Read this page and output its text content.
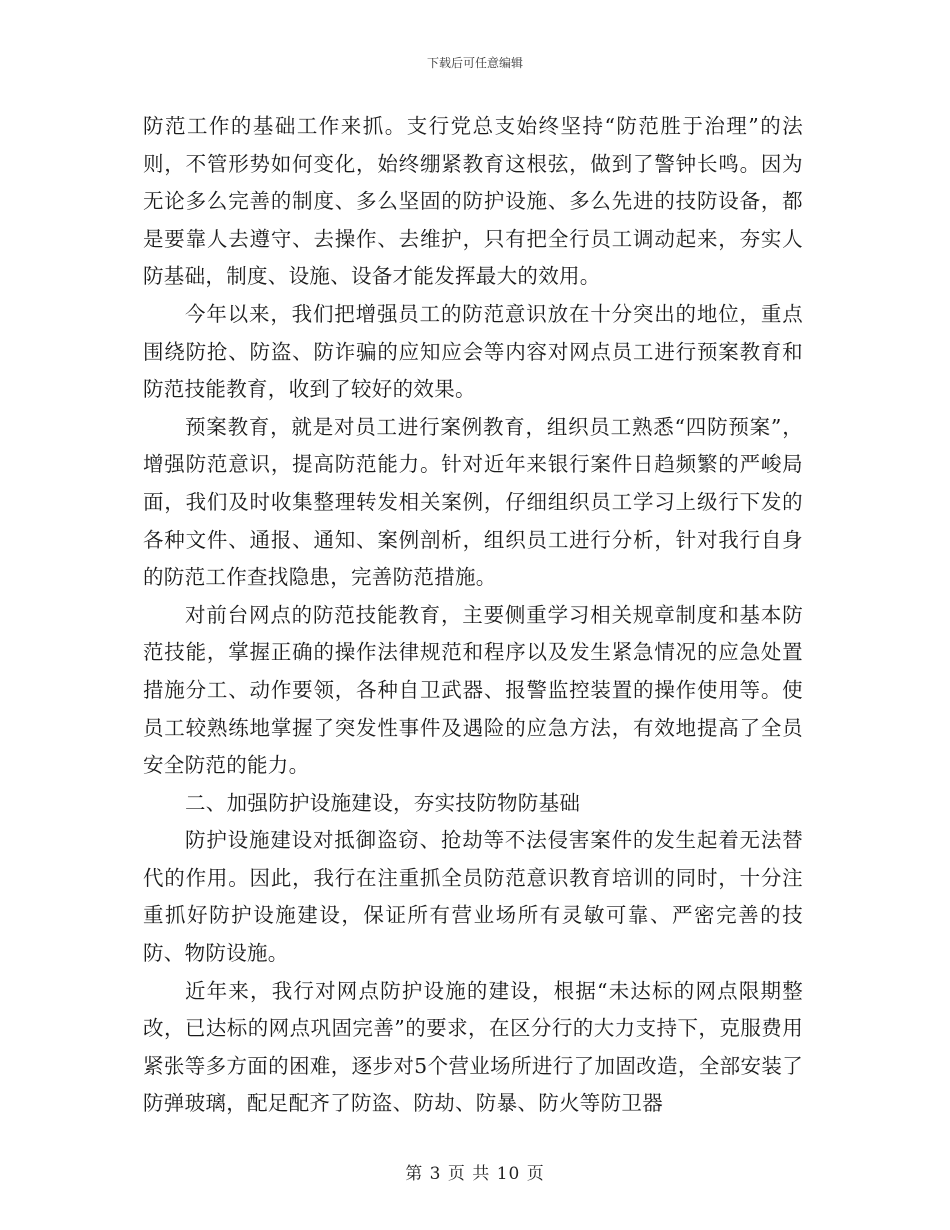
下载后可任意编辑

防范工作的基础工作来抓。支行党总支始终坚持“防范胜于治理”的法则，不管形势如何变化，始终绷紧教育这根弦，做到了警钟长鸣。因为无论多么完善的制度、多么坚固的防护设施、多么先进的技防设备，都是要靠人去遵守、去操作、去维护，只有把全行员工调动起来，夯实人防基础，制度、设施、设备才能发挥最大的效用。

今年以来，我们把增强员工的防范意识放在十分突出的地位，重点围绕防抢、防盗、防诈骗的应知应会等内容对网点员工进行预案教育和防范技能教育，收到了较好的效果。

预案教育，就是对员工进行案例教育，组织员工熟悉“四防预案”，增强防范意识，提高防范能力。针对近年来银行案件日趋频繁的严峻局面，我们及时收集整理转发相关案例，仔细组织员工学习上级行下发的各种文件、通报、通知、案例剖析，组织员工进行分析，针对我行自身的防范工作查找隐患，完善防范措施。

对前台网点的防范技能教育，主要侧重学习相关规章制度和基本防范技能，掌握正确的操作法律规范和程序以及发生紧急情况的应急处置措施分工、动作要领，各种自卫武器、报警监控装置的操作使用等。使员工较熟练地掌握了突发性事件及遇险的应急方法，有效地提高了全员安全防范的能力。

二、加强防护设施建设，夯实技防物防基础

防护设施建设对抵御盗窃、抢劫等不法侵害案件的发生起着无法替代的作用。因此，我行在注重抓全员防范意识教育培训的同时，十分注重抓好防护设施建设，保证所有营业场所有灵敏可靠、严密完善的技防、物防设施。

近年来，我行对网点防护设施的建设，根据“未达标的网点限期整改，已达标的网点巩固完善”的要求，在区分行的大力支持下，克服费用紧张等多方面的困难，逐步对5个营业场所进行了加固改造，全部安装了防弹玻璃，配足配齐了防盗、防劫、防暴、防火等防卫器

第 3 页 共 10 页
